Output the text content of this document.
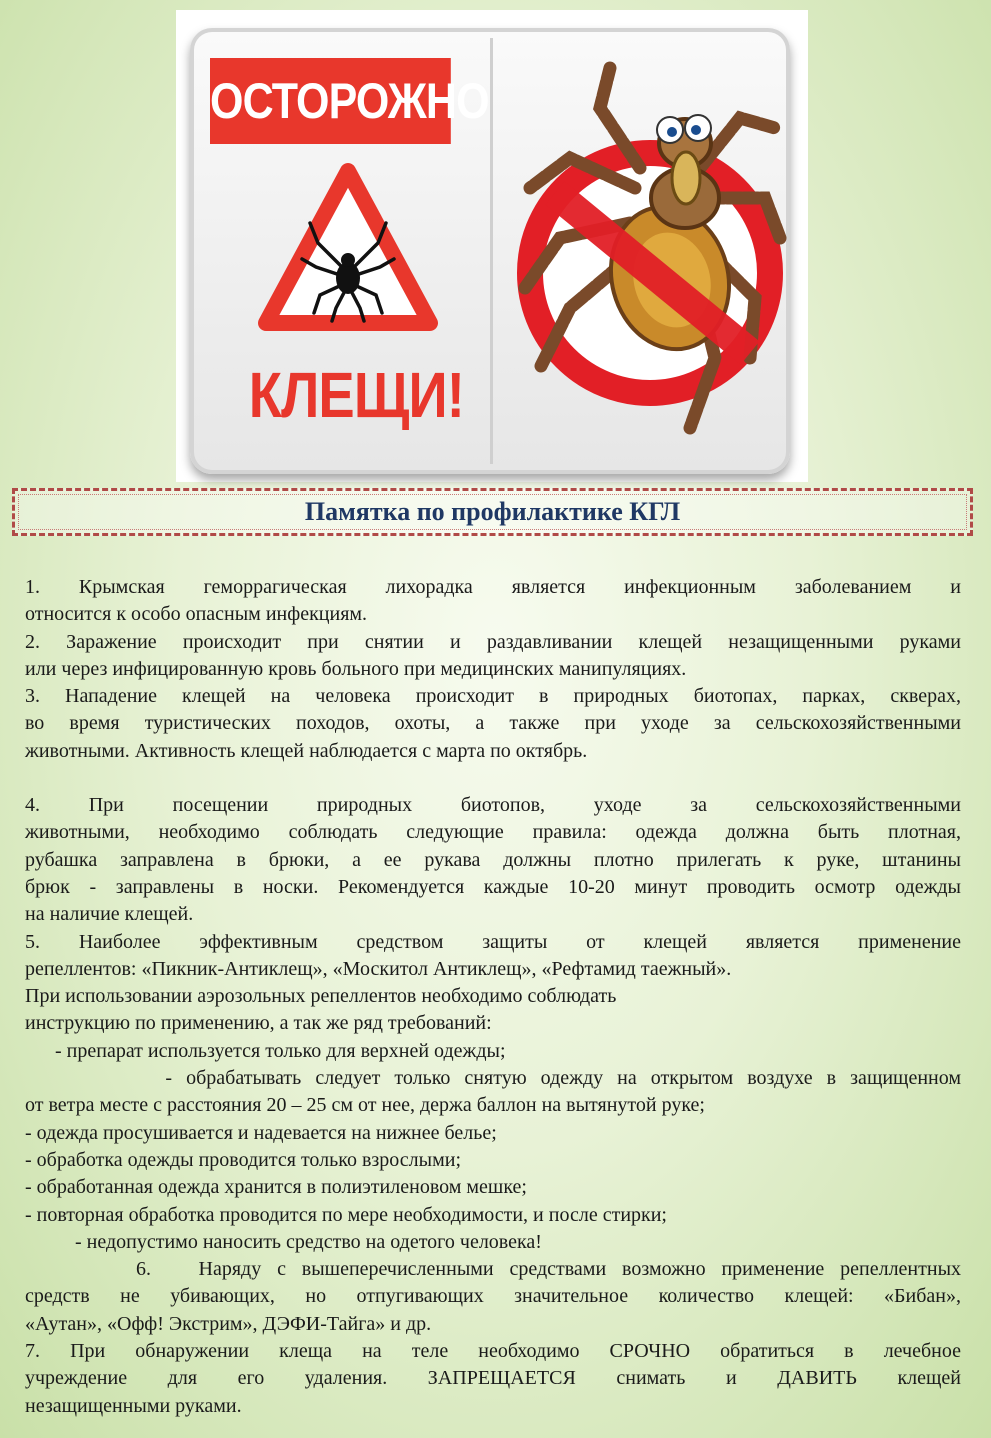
ОСТОРОЖНО
КЛЕЩИ!
Памятка по профилактике КГЛ

1. Крымская геморрагическая лихорадка является инфекционным заболеванием и

относится к особо опасным инфекциям.

2. Заражение происходит при снятии и раздавливании клещей незащищенными руками

или через инфицированную кровь больного при медицинских манипуляциях.

3. Нападение клещей на человека происходит в природных биотопах, парках, скверах,

во время туристических походов, охоты, а также при уходе за сельскохозяйственными

животными. Активность клещей наблюдается с марта по октябрь.

4. При посещении природных биотопов, уходе за сельскохозяйственными

животными, необходимо соблюдать следующие правила: одежда должна быть плотная,

рубашка заправлена в брюки, а ее рукава должны плотно прилегать к руке, штанины

брюк - заправлены в носки. Рекомендуется каждые 10-20 минут проводить осмотр одежды

на наличие клещей.

5. Наиболее эффективным средством защиты от клещей является применение

репеллентов: «Пикник-Антиклещ», «Москитол Антиклещ», «Рефтамид таежный».

При использовании аэрозольных репеллентов необходимо соблюдать

инструкцию по применению, а так же ряд требований:

- препарат используется только для верхней одежды;

- обрабатывать следует только снятую одежду на открытом воздухе в защищенном

от ветра месте с расстояния 20 – 25 см от нее, держа баллон на вытянутой руке;

- одежда просушивается и надевается на нижнее белье;

- обработка одежды проводится только взрослыми;

- обработанная одежда хранится в полиэтиленовом мешке;

- повторная обработка проводится по мере необходимости, и после стирки;

- недопустимо наносить средство на одетого человека!

6.   Наряду с вышеперечисленными средствами возможно применение репеллентных

средств не убивающих, но отпугивающих значительное количество клещей: «Бибан»,

«Аутан», «Офф! Экстрим», ДЭФИ-Тайга» и др.

7. При обнаружении клеща на теле необходимо СРОЧНО обратиться в лечебное

учреждение для его удаления. ЗАПРЕЩАЕТСЯ снимать и ДАВИТЬ клещей

незащищенными руками.
